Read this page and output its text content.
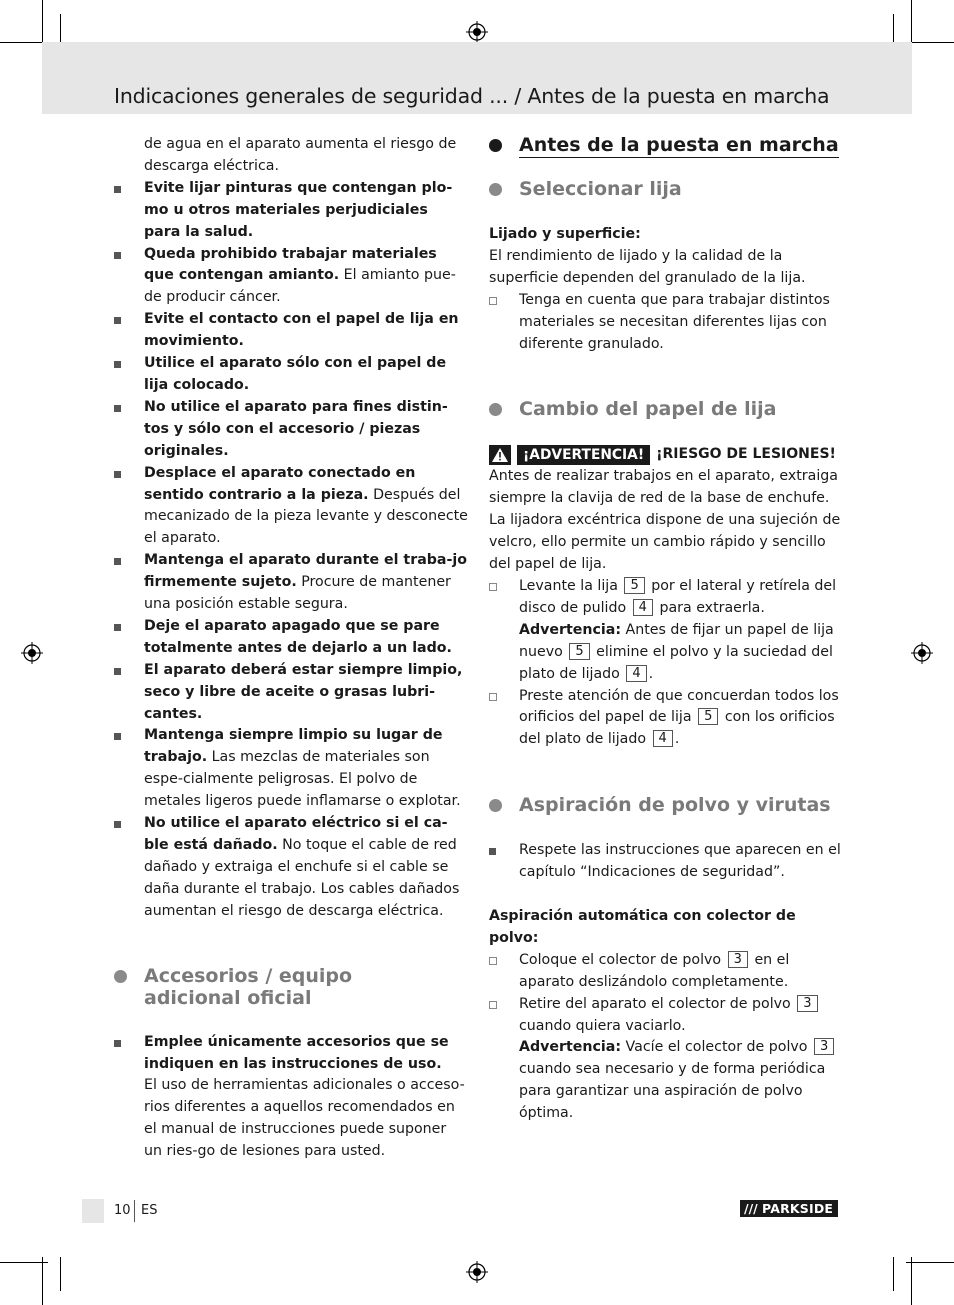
Indicaciones generales de seguridad ... / Antes de la puesta en marcha

de agua en el aparato aumenta el riesgo de descarga eléctrica.

Evite lijar pinturas que contengan plo-mo u otros materiales perjudiciales para la salud.
Queda prohibido trabajar materiales que contengan amianto. El amianto pue-de producir cáncer.
Evite el contacto con el papel de lija en movimiento.
Utilice el aparato sólo con el papel de lija colocado.
No utilice el aparato para fines distin-tos y sólo con el accesorio / piezas originales.
Desplace el aparato conectado en sentido contrario a la pieza. Después del mecanizado de la pieza levante y desconecte el aparato.
Mantenga el aparato durante el traba-jo firmemente sujeto. Procure de mantener una posición estable segura.
Deje el aparato apagado que se pare totalmente antes de dejarlo a un lado.
El aparato deberá estar siempre limpio, seco y libre de aceite o grasas lubri-cantes.
Mantenga siempre limpio su lugar de trabajo. Las mezclas de materiales son espe-cialmente peligrosas. El polvo de metales ligeros puede inflamarse o explotar.
No utilice el aparato eléctrico si el ca-ble está dañado. No toque el cable de red dañado y extraiga el enchufe si el cable se daña durante el trabajo. Los cables dañados aumentan el riesgo de descarga eléctrica.
Accesorios / equipo
adicional oficial
Emplee únicamente accesorios que se indiquen en las instrucciones de uso.
El uso de herramientas adicionales o acceso-rios diferentes a aquellos recomendados en el manual de instrucciones puede suponer un ries-go de lesiones para usted.
Antes de la puesta en marcha
Seleccionar lija

Lijado y superficie:

El rendimiento de lijado y la calidad de la superficie dependen del granulado de la lija.

Tenga en cuenta que para trabajar distintos materiales se necesitan diferentes lijas con diferente granulado.
Cambio del papel de lija
¡ADVERTENCIA! ¡RIESGO DE LESIONES!

Antes de realizar trabajos en el aparato, extraiga siempre la clavija de red de la base de enchufe.

La lijadora excéntrica dispone de una sujeción de velcro, ello permite un cambio rápido y sencillo del papel de lija.

Levante la lija 5 por el lateral y retírela del disco de pulido 4 para extraerla.
Advertencia: Antes de fijar un papel de lija nuevo 5 elimine el polvo y la suciedad del plato de lijado 4 .
Preste atención de que concuerdan todos los orificios del papel de lija 5 con los orificios del plato de lijado 4 .
Aspiración de polvo y virutas
Respete las instrucciones que aparecen en el capítulo “Indicaciones de seguridad”.

Aspiración automática con colector de polvo:

Coloque el colector de polvo 3 en el aparato deslizándolo completamente.
Retire del aparato el colector de polvo 3 cuando quiera vaciarlo.
Advertencia: Vacíe el colector de polvo 3 cuando sea necesario y de forma periódica para garantizar una aspiración de polvo óptima.
10 ES	/// PARKSIDE
